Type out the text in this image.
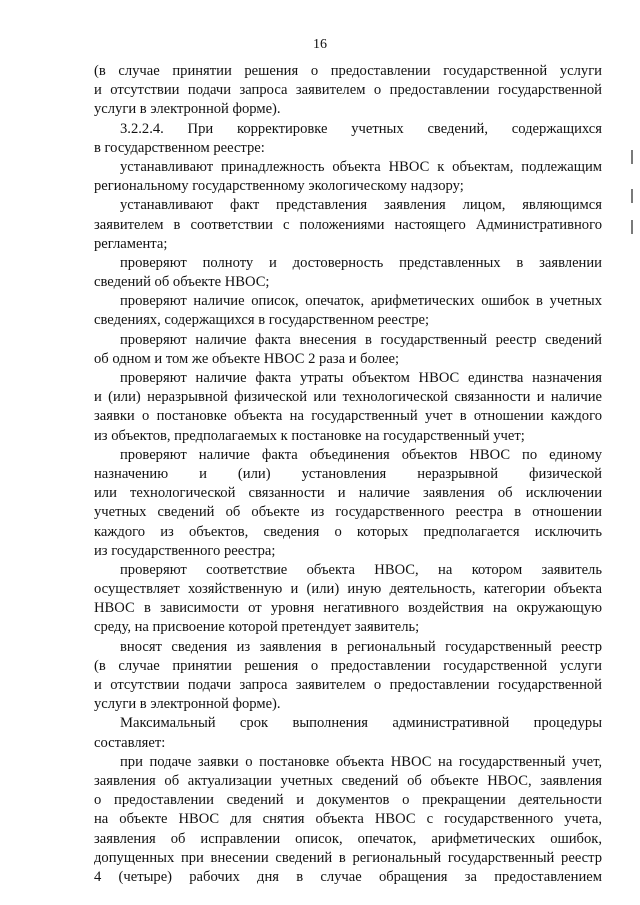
16
(в случае принятии решения о предоставлении государственной услуги
и отсутствии подачи запроса заявителем о предоставлении государственной
услуги в электронной форме).
3.2.2.4. При корректировке учетных сведений, содержащихся
в государственном реестре:
устанавливают принадлежность объекта НВОС к объектам, подлежащим
региональному государственному экологическому надзору;
устанавливают факт представления заявления лицом, являющимся
заявителем в соответствии с положениями настоящего Административного
регламента;
проверяют полноту и достоверность представленных в заявлении
сведений об объекте НВОС;
проверяют наличие описок, опечаток, арифметических ошибок в учетных
сведениях, содержащихся в государственном реестре;
проверяют наличие факта внесения в государственный реестр сведений
об одном и том же объекте НВОС 2 раза и более;
проверяют наличие факта утраты объектом НВОС единства назначения
и (или) неразрывной физической или технологической связанности и наличие
заявки о постановке объекта на государственный учет в отношении каждого
из объектов, предполагаемых к постановке на государственный учет;
проверяют наличие факта объединения объектов НВОС по единому
назначению и (или) установления неразрывной физической
или технологической связанности и наличие заявления об исключении
учетных сведений об объекте из государственного реестра в отношении
каждого из объектов, сведения о которых предполагается исключить
из государственного реестра;
проверяют соответствие объекта НВОС, на котором заявитель
осуществляет хозяйственную и (или) иную деятельность, категории объекта
НВОС в зависимости от уровня негативного воздействия на окружающую
среду, на присвоение которой претендует заявитель;
вносят сведения из заявления в региональный государственный реестр
(в случае принятии решения о предоставлении государственной услуги
и отсутствии подачи запроса заявителем о предоставлении государственной
услуги в электронной форме).
Максимальный срок выполнения административной процедуры
составляет:
при подаче заявки о постановке объекта НВОС на государственный учет,
заявления об актуализации учетных сведений об объекте НВОС, заявления
о предоставлении сведений и документов о прекращении деятельности
на объекте НВОС для снятия объекта НВОС с государственного учета,
заявления об исправлении описок, опечаток, арифметических ошибок,
допущенных при внесении сведений в региональный государственный реестр
4 (четыре) рабочих дня в случае обращения за предоставлением
